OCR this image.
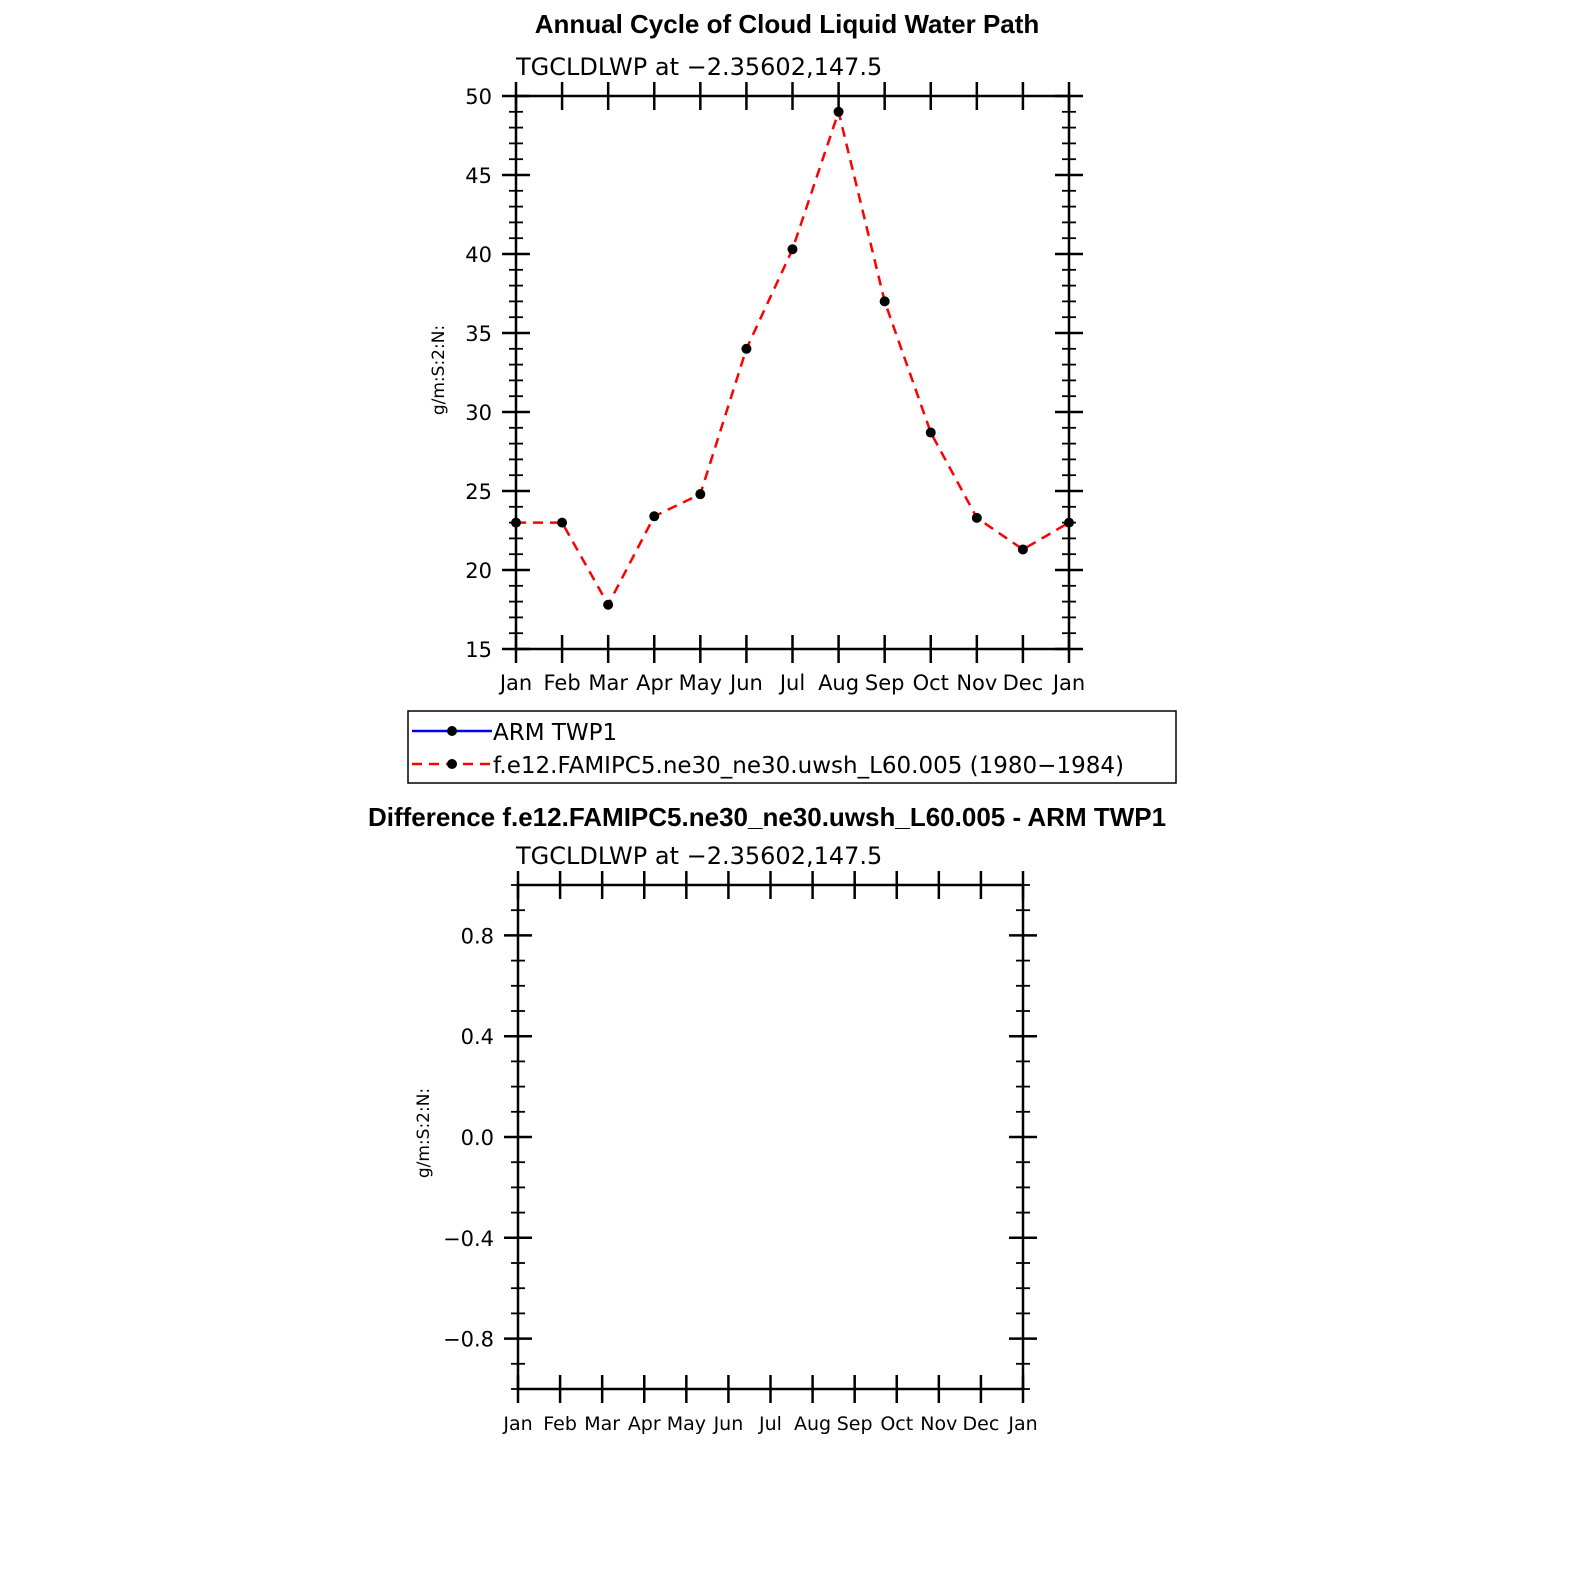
Annual Cycle of Cloud Liquid Water Path
TGCLDLWP at −2.35602,147.5
g/m:S:2:N:
Jan Feb Mar Apr May Jun Jul Aug Sep Oct Nov Dec Jan
15
20
25
30
35
40
45
50
ARM TWP1
f.e12.FAMIPC5.ne30_ne30.uwsh_L60.005 (1980−1984)
Difference f.e12.FAMIPC5.ne30_ne30.uwsh_L60.005 - ARM TWP1
TGCLDLWP at −2.35602,147.5
g/m:S:2:N:
Jan Feb Mar Apr May Jun Jul Aug Sep Oct Nov Dec Jan
−0.8
−0.4
0.0
0.4
0.8
